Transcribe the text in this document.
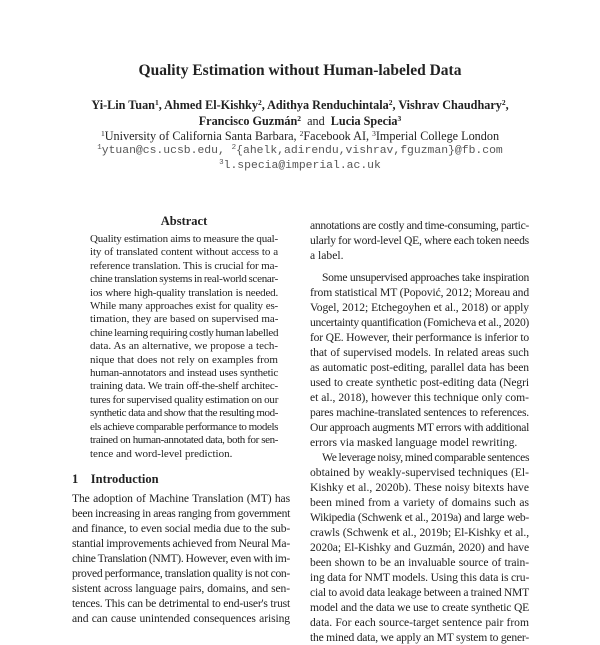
Quality Estimation without Human-labeled Data
Yi-Lin Tuan$^1$, Ahmed El-Kishky$^2$, Adithya Renduchintala$^2$, Vishrav Chaudhary$^2$,
Francisco Guzmán$^2$ and Lucia Specia$^3$
$^1$University of California Santa Barbara, $^2$Facebook AI, $^3$Imperial College London
$^1$ytuan@cs.ucsb.edu, $^2${ahelk,adirendu,vishrav,fguzman}@fb.com
$^3$l.specia@imperial.ac.uk
Abstract
Quality estimation aims to measure the qual-
ity of translated content without access to a
reference translation. This is crucial for ma-
chine translation systems in real-world scenar-
ios where high-quality translation is needed.
While many approaches exist for quality es-
timation, they are based on supervised ma-
chine learning requiring costly human labelled
data. As an alternative, we propose a tech-
nique that does not rely on examples from
human-annotators and instead uses synthetic
training data. We train off-the-shelf architec-
tures for supervised quality estimation on our
synthetic data and show that the resulting mod-
els achieve comparable performance to models
trained on human-annotated data, both for sen-
tence and word-level prediction.
1 Introduction
The adoption of Machine Translation (MT) has
been increasing in areas ranging from government
and finance, to even social media due to the sub-
stantial improvements achieved from Neural Ma-
chine Translation (NMT). However, even with im-
proved performance, translation quality is not con-
sistent across language pairs, domains, and sen-
tences. This can be detrimental to end-user's trust
and can cause unintended consequences arising
annotations are costly and time-consuming, partic-
ularly for word-level QE, where each token needs
a label.
Some unsupervised approaches take inspiration
from statistical MT (Popović, 2012; Moreau and
Vogel, 2012; Etchegoyhen et al., 2018) or apply
uncertainty quantification (Fomicheva et al., 2020)
for QE. However, their performance is inferior to
that of supervised models. In related areas such
as automatic post-editing, parallel data has been
used to create synthetic post-editing data (Negri
et al., 2018), however this technique only com-
pares machine-translated sentences to references.
Our approach augments MT errors with additional
errors via masked language model rewriting.
We leverage noisy, mined comparable sentences
obtained by weakly-supervised techniques (El-
Kishky et al., 2020b). These noisy bitexts have
been mined from a variety of domains such as
Wikipedia (Schwenk et al., 2019a) and large web-
crawls (Schwenk et al., 2019b; El-Kishky et al.,
2020a; El-Kishky and Guzmán, 2020) and have
been shown to be an invaluable source of train-
ing data for NMT models. Using this data is cru-
cial to avoid data leakage between a trained NMT
model and the data we use to create synthetic QE
data. For each source-target sentence pair from
the mined data, we apply an MT system to gener-
